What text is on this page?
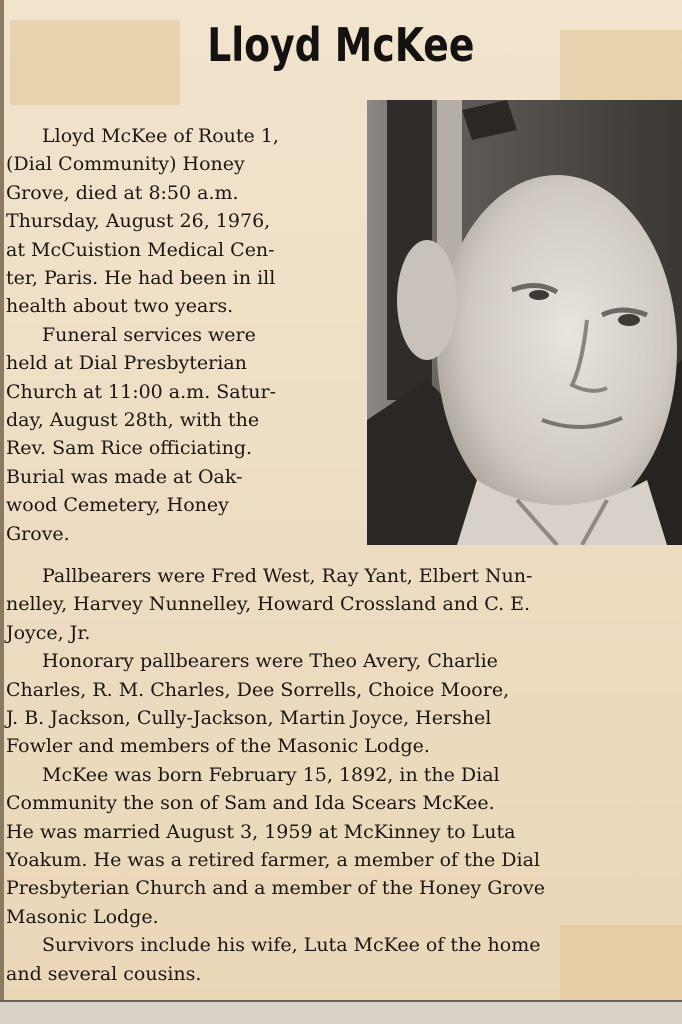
Lloyd McKee
Lloyd McKee of Route 1,
(Dial Community) Honey
Grove, died at 8:50 a.m.
Thursday, August 26, 1976,
at McCuistion Medical Cen-
ter, Paris. He had been in ill
health about two years.
Funeral services were
held at Dial Presbyterian
Church at 11:00 a.m. Satur-
day, August 28th, with the
Rev. Sam Rice officiating.
Burial was made at Oak-
wood Cemetery, Honey
Grove.
Pallbearers were Fred West, Ray Yant, Elbert Nun-
nelley, Harvey Nunnelley, Howard Crossland and C. E.
Joyce, Jr.
Honorary pallbearers were Theo Avery, Charlie
Charles, R. M. Charles, Dee Sorrells, Choice Moore,
J. B. Jackson, Cully-Jackson, Martin Joyce, Hershel
Fowler and members of the Masonic Lodge.
McKee was born February 15, 1892, in the Dial
Community the son of Sam and Ida Scears McKee.
He was married August 3, 1959 at McKinney to Luta
Yoakum. He was a retired farmer, a member of the Dial
Presbyterian Church and a member of the Honey Grove
Masonic Lodge.
Survivors include his wife, Luta McKee of the home
and several cousins.
